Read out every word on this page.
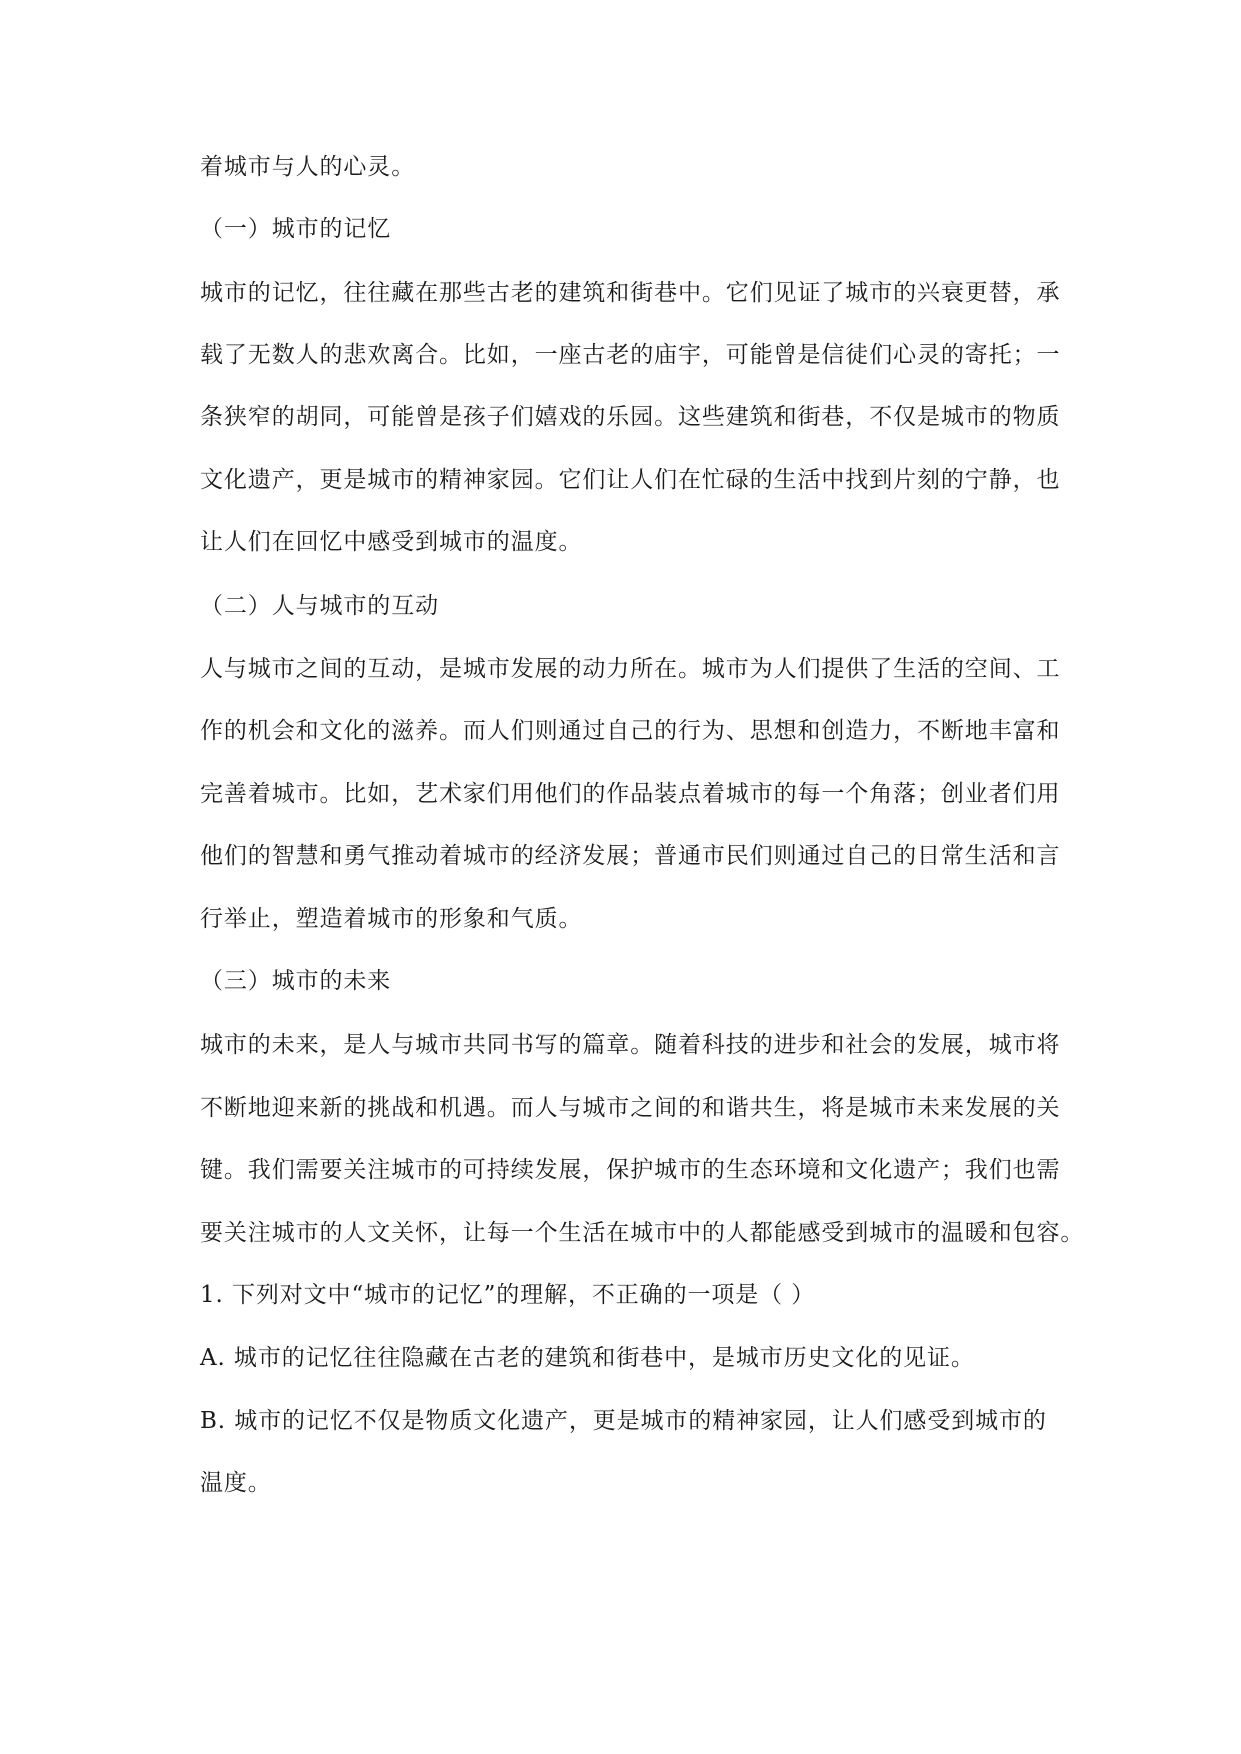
着城市与人的心灵。
（一）城市的记忆
城市的记忆，往往藏在那些古老的建筑和街巷中。它们见证了城市的兴衰更替，承
载了无数人的悲欢离合。比如，一座古老的庙宇，可能曾是信徒们心灵的寄托；一
条狭窄的胡同，可能曾是孩子们嬉戏的乐园。这些建筑和街巷，不仅是城市的物质
文化遗产，更是城市的精神家园。它们让人们在忙碌的生活中找到片刻的宁静，也
让人们在回忆中感受到城市的温度。
（二）人与城市的互动
人与城市之间的互动，是城市发展的动力所在。城市为人们提供了生活的空间、工
作的机会和文化的滋养。而人们则通过自己的行为、思想和创造力，不断地丰富和
完善着城市。比如，艺术家们用他们的作品装点着城市的每一个角落；创业者们用
他们的智慧和勇气推动着城市的经济发展；普通市民们则通过自己的日常生活和言
行举止，塑造着城市的形象和气质。
（三）城市的未来
城市的未来，是人与城市共同书写的篇章。随着科技的进步和社会的发展，城市将
不断地迎来新的挑战和机遇。而人与城市之间的和谐共生，将是城市未来发展的关
键。我们需要关注城市的可持续发展，保护城市的生态环境和文化遗产；我们也需
要关注城市的人文关怀，让每一个生活在城市中的人都能感受到城市的温暖和包容。
1. 下列对文中“城市的记忆”的理解，不正确的一项是（ ）
A. 城市的记忆往往隐藏在古老的建筑和街巷中，是城市历史文化的见证。
B. 城市的记忆不仅是物质文化遗产，更是城市的精神家园，让人们感受到城市的
温度。
